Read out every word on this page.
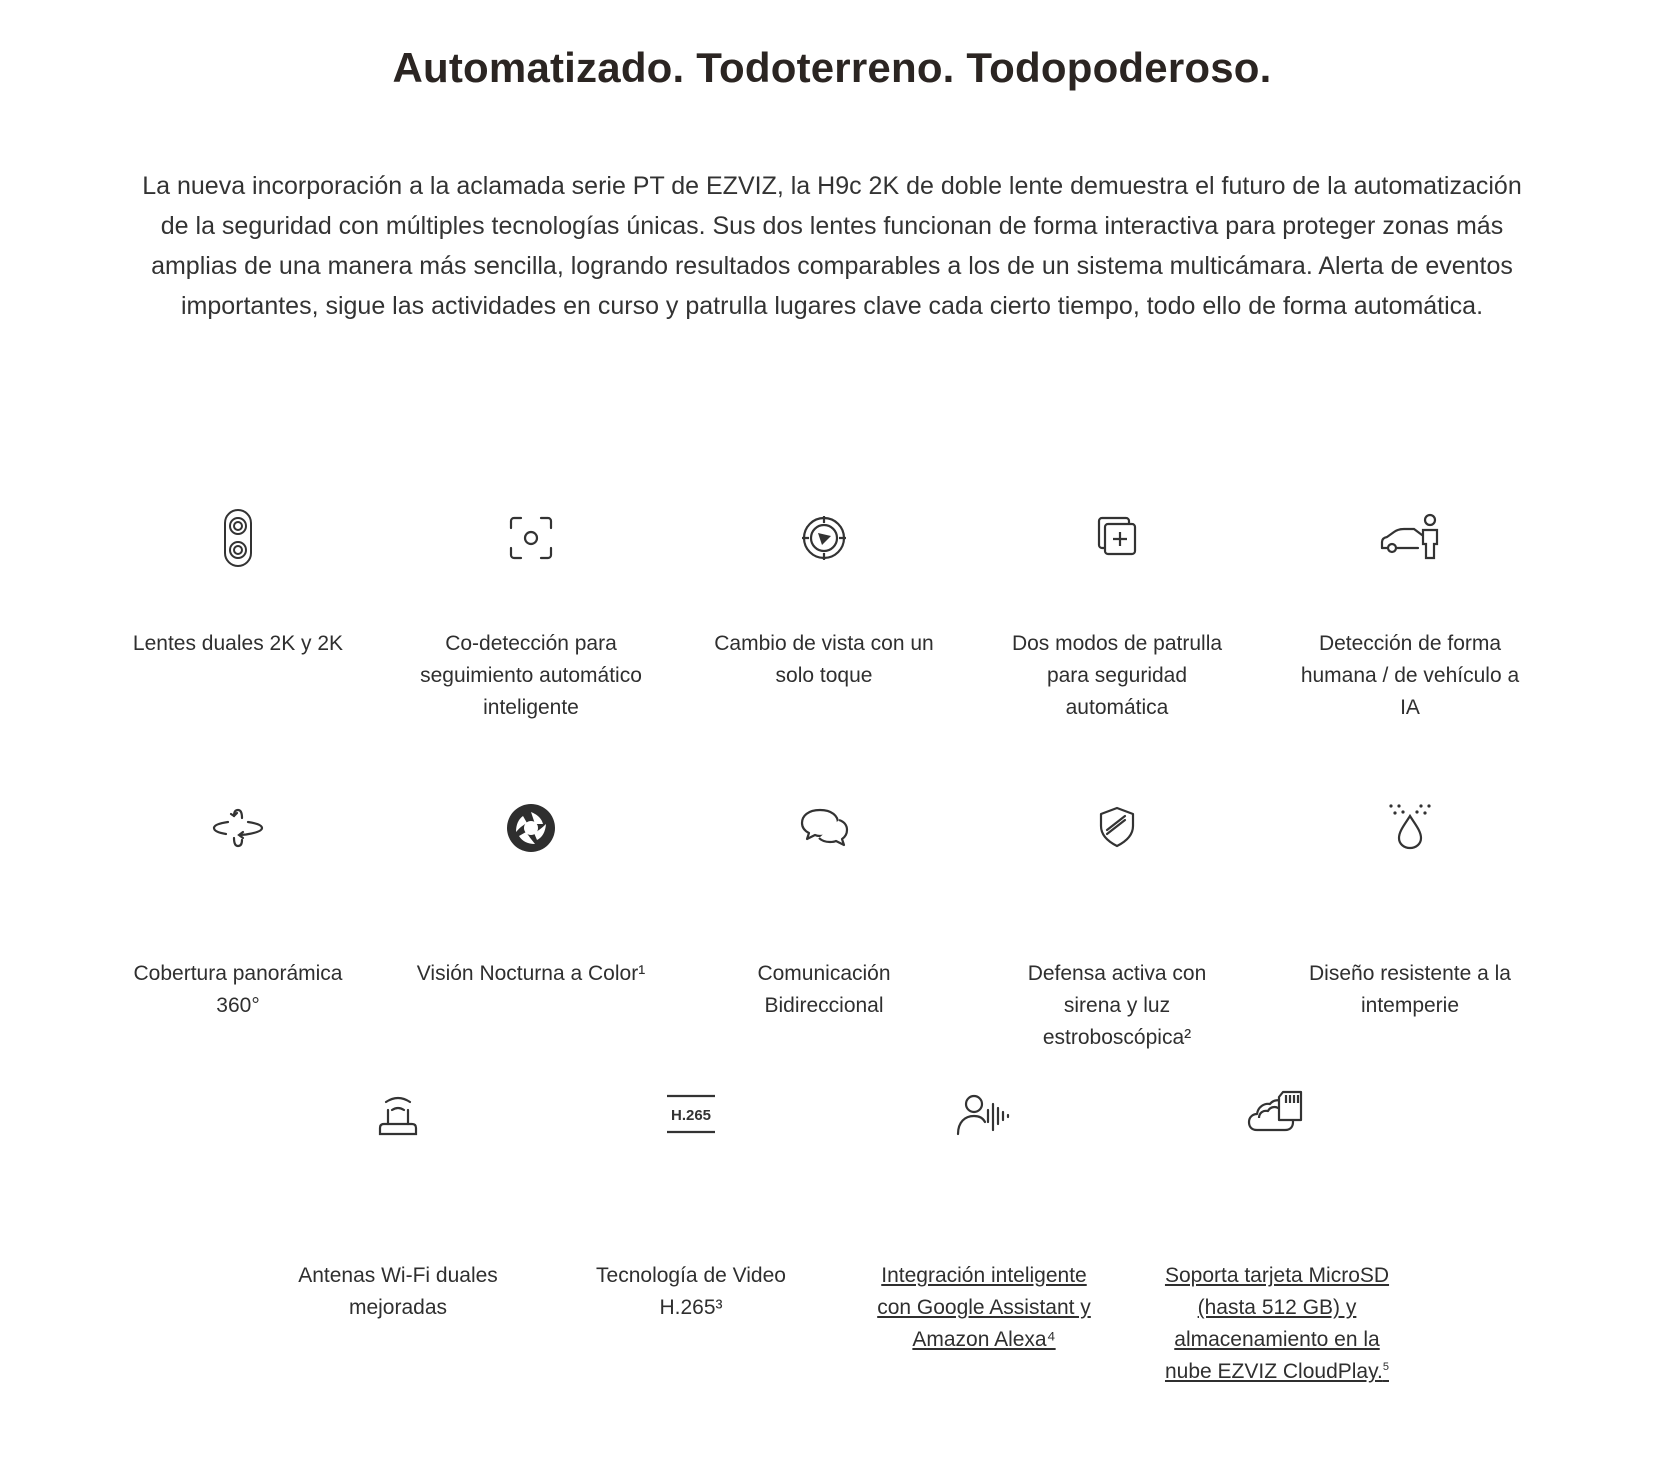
Automatizado. Todoterreno. Todopoderoso.

La nueva incorporación a la aclamada serie PT de EZVIZ, la H9c 2K de doble lente demuestra el futuro de la automatización de la seguridad con múltiples tecnologías únicas. Sus dos lentes funcionan de forma interactiva para proteger zonas más amplias de una manera más sencilla, logrando resultados comparables a los de un sistema multicámara. Alerta de eventos importantes, sigue las actividades en curso y patrulla lugares clave cada cierto tiempo, todo ello de forma automática.

Lentes duales 2K y 2K	Co-detección para seguimiento automático inteligente

Cambio de vista con un solo toque

Dos modos de patrulla para seguridad automática

Detección de forma humana / de vehículo a IA

Cobertura panorámica 360°

Visión Nocturna a Color¹	Comunicación Bidireccional

Defensa activa con sirena y luz estroboscópica²

Diseño resistente a la intemperie

Antenas Wi-Fi duales mejoradas

H.265

Tecnología de Video H.265³

Integración inteligente con Google Assistant y Amazon Alexa⁴

Soporta tarjeta MicroSD (hasta 512 GB) y almacenamiento en la nube EZVIZ CloudPlay.$^5$
